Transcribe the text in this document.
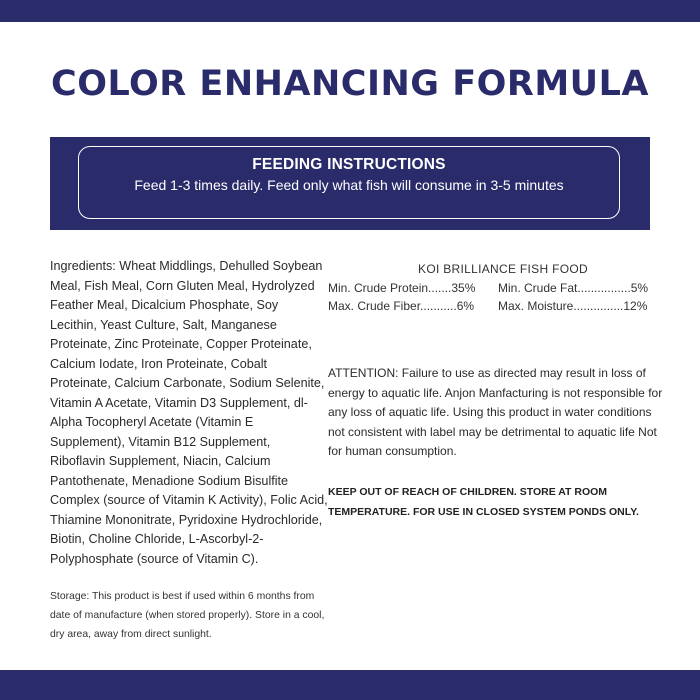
COLOR ENHANCING FORMULA
FEEDING INSTRUCTIONS
Feed 1-3 times daily. Feed only what fish will consume in 3-5 minutes

Ingredients: Wheat Middlings, Dehulled Soybean Meal, Fish Meal, Corn Gluten Meal, Hydrolyzed Feather Meal, Dicalcium Phosphate, Soy Lecithin, Yeast Culture, Salt, Manganese Proteinate, Zinc Proteinate, Copper Proteinate, Calcium Iodate, Iron Proteinate, Cobalt Proteinate, Calcium Carbonate, Sodium Selenite, Vitamin A Acetate, Vitamin D3 Supplement, dl-Alpha Tocopheryl Acetate (Vitamin E Supplement), Vitamin B12 Supplement, Riboflavin Supplement, Niacin, Calcium Pantothenate, Menadione Sodium Bisulfite Complex (source of Vitamin K Activity), Folic Acid, Thiamine Mononitrate, Pyridoxine Hydrochloride, Biotin, Choline Chloride, L-Ascorbyl-2-Polyphosphate (source of Vitamin C).

Storage: This product is best if used within 6 months from date of manufacture (when stored properly). Store in a cool, dry area, away from direct sunlight.

KOI BRILLIANCE FISH FOOD
Min. Crude Protein.......35%	Min. Crude Fat................5%
Max. Crude Fiber...........6%	Max. Moisture...............12%

ATTENTION: Failure to use as directed may result in loss of energy to aquatic life. Anjon Manfacturing is not responsible for any loss of aquatic life. Using this product in water conditions not consistent with label may be detrimental to aquatic life Not for human consumption.

KEEP OUT OF REACH OF CHILDREN. STORE AT ROOM TEMPERATURE. FOR USE IN CLOSED SYSTEM PONDS ONLY.
